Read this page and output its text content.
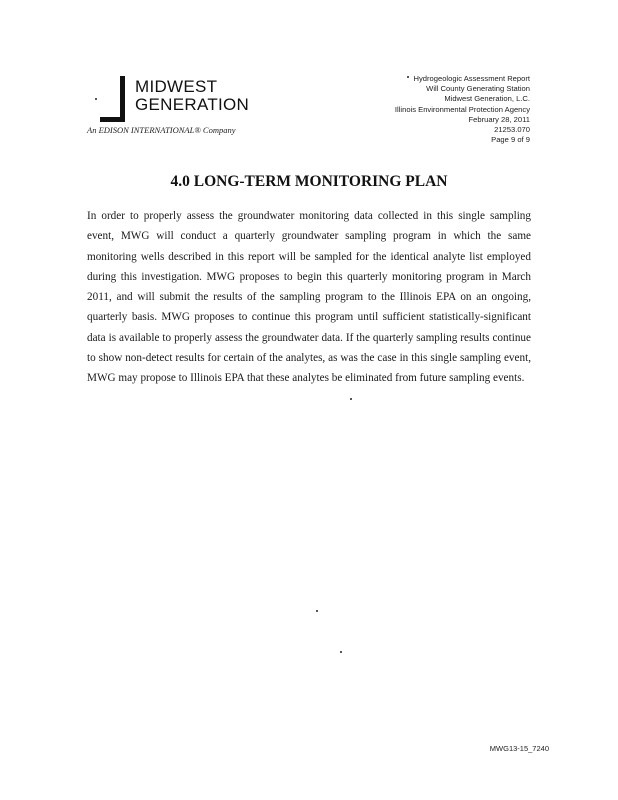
MIDWEST
GENERATION
An EDISON INTERNATIONAL® Company
Hydrogeologic Assessment Report
Will County Generating Station
Midwest Generation, L.C.
Illinois Environmental Protection Agency
February 28, 2011
21253.070
Page 9 of 9
4.0 LONG-TERM MONITORING PLAN

In order to properly assess the groundwater monitoring data collected in this single sampling event, MWG will conduct a quarterly groundwater sampling program in which the same monitoring wells described in this report will be sampled for the identical analyte list employed during this investigation. MWG proposes to begin this quarterly monitoring program in March 2011, and will submit the results of the sampling program to the Illinois EPA on an ongoing, quarterly basis. MWG proposes to continue this program until sufficient statistically-significant data is available to properly assess the groundwater data. If the quarterly sampling results continue to show non-detect results for certain of the analytes, as was the case in this single sampling event, MWG may propose to Illinois EPA that these analytes be eliminated from future sampling events.

MWG13-15_7240
